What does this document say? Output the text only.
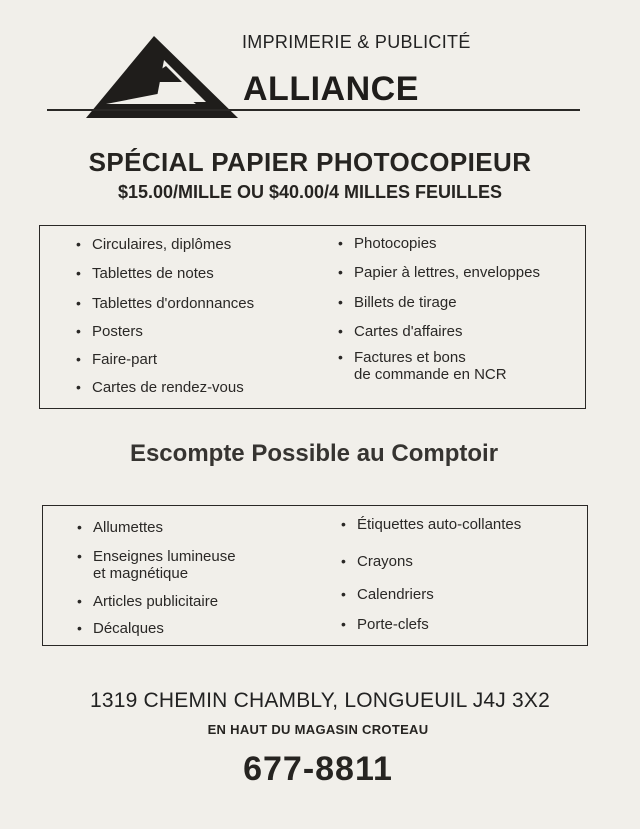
IMPRIMERIE & PUBLICITÉ
ALLIANCE
SPÉCIAL PAPIER PHOTOCOPIEUR
$15.00/MILLE OU $40.00/4 MILLES FEUILLES
• Circulaires, diplômes
• Tablettes de notes
• Tablettes d'ordonnances
• Posters
• Faire-part
• Cartes de rendez-vous
• Photocopies
• Papier à lettres, enveloppes
• Billets de tirage
• Cartes d'affaires
• Factures et bons
de commande en NCR
Escompte Possible au Comptoir
• Allumettes
• Enseignes lumineuse
et magnétique
• Articles publicitaire
• Décalques
• Étiquettes auto-collantes
• Crayons
• Calendriers
• Porte-clefs
1319 CHEMIN CHAMBLY, LONGUEUIL J4J 3X2
EN HAUT DU MAGASIN CROTEAU
677-8811
